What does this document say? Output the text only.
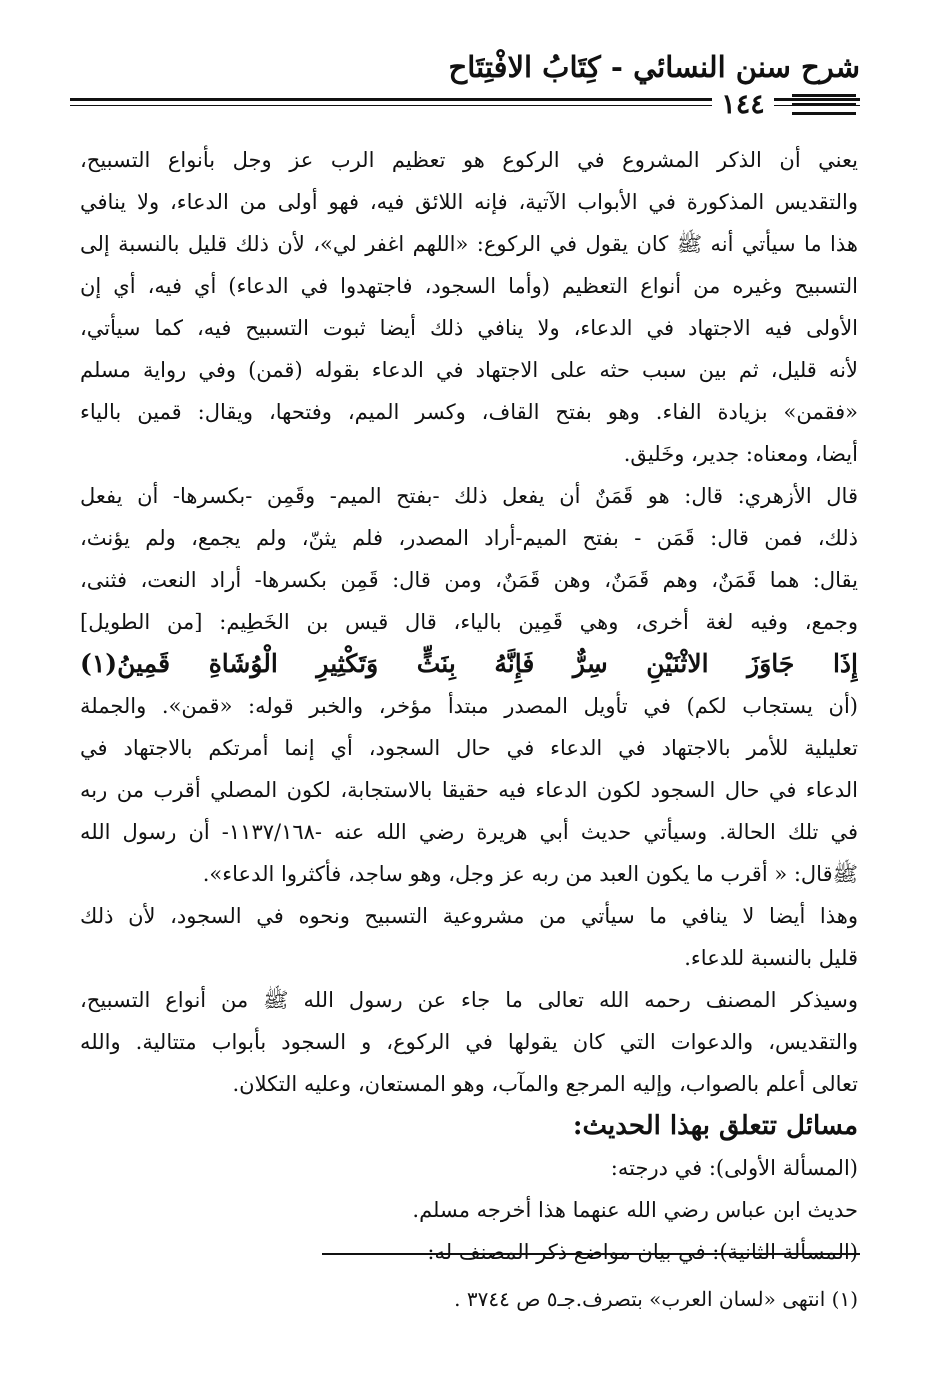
شرح سنن النسائي - كِتَابُ الافْتِتَاح
١٤٤
يعني أن الذكر المشروع في الركوع هو تعظيم الرب عز وجل بأنواع التسبيح،
والتقديس المذكورة في الأبواب الآتية، فإنه اللائق فيه، فهو أولى من الدعاء، ولا ينافي
هذا ما سيأتي أنه ﷺ كان يقول في الركوع: «اللهم اغفر لي»، لأن ذلك قليل بالنسبة إلى
التسبيح وغيره من أنواع التعظيم (وأما السجود، فاجتهدوا في الدعاء) أي فيه، أي إن
الأولى فيه الاجتهاد في الدعاء، ولا ينافي ذلك أيضا ثبوت التسبيح فيه، كما سيأتي،
لأنه قليل، ثم بين سبب حثه على الاجتهاد في الدعاء بقوله (قمن) وفي رواية مسلم
«فقمن» بزيادة الفاء. وهو بفتح القاف، وكسر الميم، وفتحها، ويقال: قمين بالياء
أيضا، ومعناه: جدير، وخَليق.
قال الأزهري: قال: هو قَمَنٌ أن يفعل ذلك -بفتح الميم- وقَمِن -بكسرها- أن يفعل
ذلك، فمن قال: قَمَن - بفتح الميم-أراد المصدر، فلم يثنّ، ولم يجمع، ولم يؤنث،
يقال: هما قَمَنٌ، وهم قَمَنٌ، وهن قَمَنٌ، ومن قال: قَمِن بكسرها- أراد النعت، فثنى،
وجمع، وفيه لغة أخرى، وهي قَمِين بالياء، قال قيس بن الخَطِيم: [من الطويل]
إِذَا جَاوَزَ الاثْنَيْنِ سِرٌّ فَإِنَّهُ بِنَثٍّ وَتَكْثِيرِ الْوُشَاةِ قَمِينُ(١)
(أن يستجاب لكم) في تأويل المصدر مبتدأ مؤخر، والخبر قوله: «قمن». والجملة
تعليلية للأمر بالاجتهاد في الدعاء في حال السجود، أي إنما أمرتكم بالاجتهاد في
الدعاء في حال السجود لكون الدعاء فيه حقيقا بالاستجابة، لكون المصلي أقرب من ربه
في تلك الحالة. وسيأتي حديث أبي هريرة رضي الله عنه -١١٣٧/١٦٨- أن رسول الله
ﷺقال: « أقرب ما يكون العبد من ربه عز وجل، وهو ساجد، فأكثروا الدعاء».
وهذا أيضا لا ينافي ما سيأتي من مشروعية التسبيح ونحوه في السجود، لأن ذلك
قليل بالنسبة للدعاء.
وسيذكر المصنف رحمه الله تعالى ما جاء عن رسول الله ﷺ من أنواع التسبيح،
والتقديس، والدعوات التي كان يقولها في الركوع، و السجود بأبواب متتالية. والله
تعالى أعلم بالصواب، وإليه المرجع والمآب، وهو المستعان، وعليه التكلان.
مسائل تتعلق بهذا الحديث:
(المسألة الأولى): في درجته:
حديث ابن عباس رضي الله عنهما هذا أخرجه مسلم.
(المسألة الثانية): في بيان مواضع ذكر المصنف له:
(١) انتهى «لسان العرب» بتصرف.جـ٥ ص ٣٧٤٤ .
